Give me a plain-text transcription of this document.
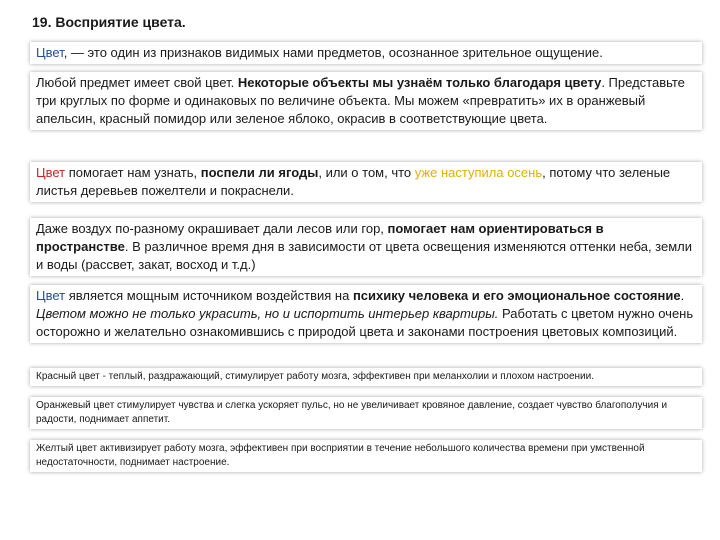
19. Восприятие цвета.
Цвет, — это один из признаков видимых нами предметов, осознанное зрительное ощущение.
Любой предмет имеет свой цвет. Некоторые объекты мы узнаём только благодаря цвету. Представьте три круглых по форме и одинаковых по величине объекта. Мы можем «превратить» их в оранжевый апельсин, красный помидор или зеленое яблоко, окрасив в соответствующие цвета.
Цвет помогает нам узнать, поспели ли ягоды, или о том, что уже наступила осень, потому что зеленые листья деревьев пожелтели и покраснели.
Даже воздух по-разному окрашивает дали лесов или гор, помогает нам ориентироваться в пространстве. В различное время дня в зависимости от цвета освещения изменяются оттенки неба, земли и воды (рассвет, закат, восход и т.д.)
Цвет является мощным источником воздействия на психику человека и его эмоциональное состояние. Цветом можно не только украсить, но и испортить интерьер квартиры. Работать с цветом нужно очень осторожно и желательно ознакомившись с природой цвета и законами построения цветовых композиций.
Красный цвет - теплый, раздражающий, стимулирует работу мозга, эффективен при меланхолии и плохом настроении.
Оранжевый цвет стимулирует чувства и слегка ускоряет пульс, но не увеличивает кровяное давление, создает чувство благополучия и радости, поднимает аппетит.
Желтый цвет активизирует работу мозга, эффективен при восприятии в течение небольшого количества времени при умственной недостаточности, поднимает настроение.
